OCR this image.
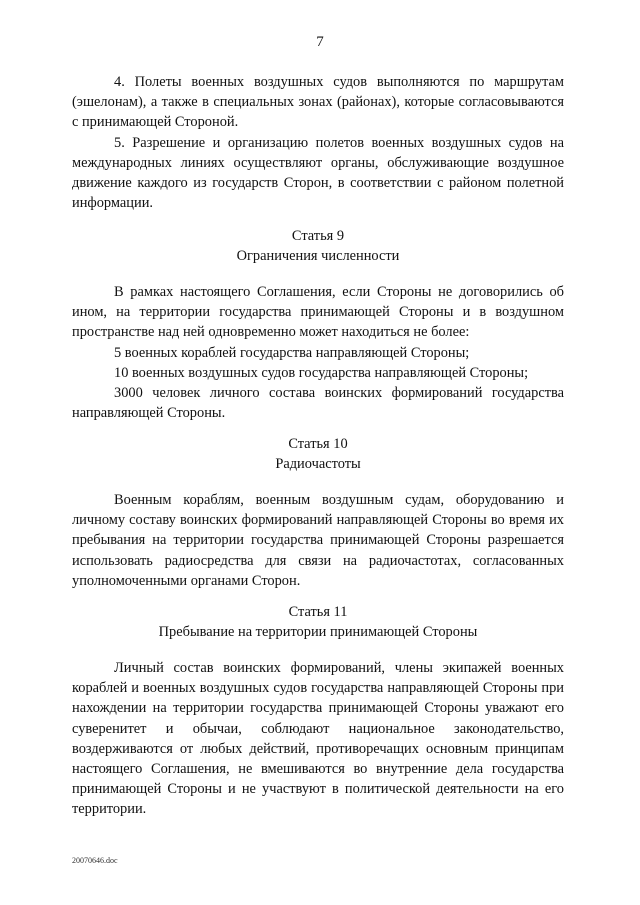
7

4. Полеты военных воздушных судов выполняются по маршрутам (эшелонам), а также в специальных зонах (районах), которые согласовываются с принимающей Стороной.

5. Разрешение и организацию полетов военных воздушных судов на международных линиях осуществляют органы, обслуживающие воздушное движение каждого из государств Сторон, в соответствии с районом полетной информации.

Статья 9

Ограничения численности

В рамках настоящего Соглашения, если Стороны не договорились об ином, на территории государства принимающей Стороны и в воздушном пространстве над ней одновременно может находиться не более:

5 военных кораблей государства направляющей Стороны;

10 военных воздушных судов государства направляющей Стороны;

3000 человек личного состава воинских формирований государства направляющей Стороны.

Статья 10

Радиочастоты

Военным кораблям, военным воздушным судам, оборудованию и личному составу воинских формирований направляющей Стороны во время их пребывания на территории государства принимающей Стороны разрешается использовать радиосредства для связи на радиочастотах, согласованных уполномоченными органами Сторон.

Статья 11

Пребывание на территории принимающей Стороны

Личный состав воинских формирований, члены экипажей военных кораблей и военных воздушных судов государства направляющей Стороны при нахождении на территории государства принимающей Стороны уважают его суверенитет и обычаи, соблюдают национальное законодательство, воздерживаются от любых действий, противоречащих основным принципам настоящего Соглашения, не вмешиваются во внутренние дела государства принимающей Стороны и не участвуют в политической деятельности на его территории.

20070646.doc
